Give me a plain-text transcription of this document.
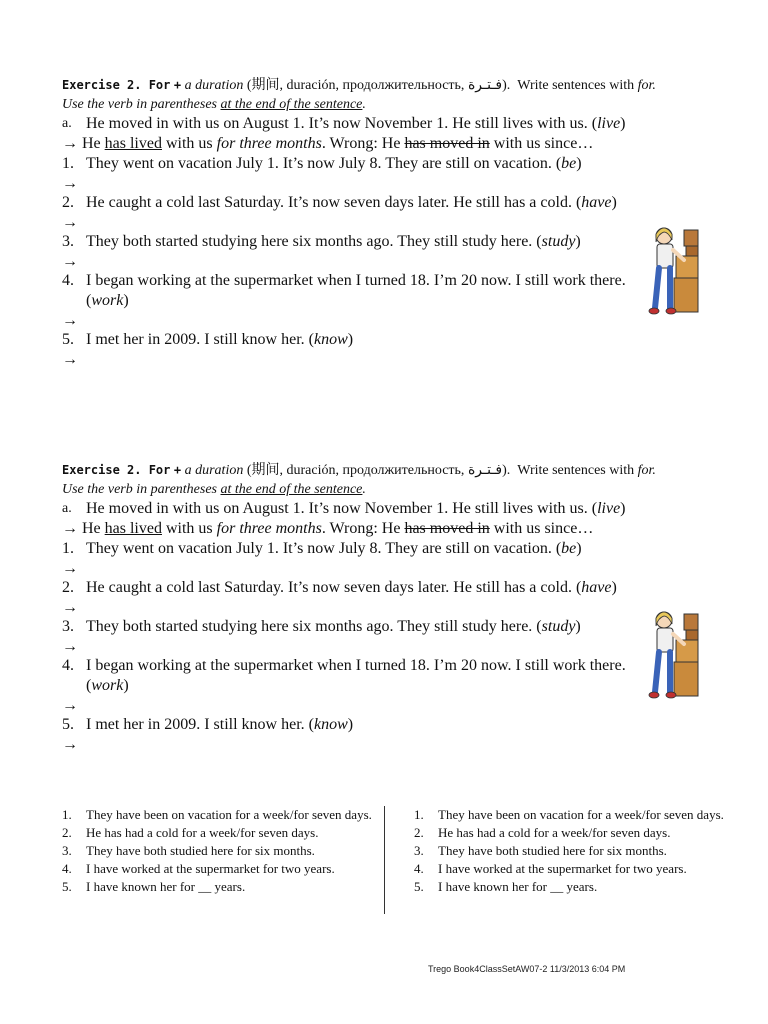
Exercise 2. For + a duration (期间, duración, продолжительность, فـتـرة). Write sentences with for.
Use the verb in parentheses at the end of the sentence.
a. He moved in with us on August 1. It’s now November 1. He still lives with us. (live)
→ He has lived with us for three months. Wrong: He has moved in with us since…
1. They went on vacation July 1. It’s now July 8. They are still on vacation. (be)
→
2. He caught a cold last Saturday. It’s now seven days later. He still has a cold. (have)
→
3. They both started studying here six months ago. They still study here. (study)
→
4. I began working at the supermarket when I turned 18. I’m 20 now. I still work there. (work)
→
5. I met her in 2009. I still know her. (know)
→
Exercise 2. For + a duration (期间, duración, продолжительность, فـتـرة). Write sentences with for.
Use the verb in parentheses at the end of the sentence.
a. He moved in with us on August 1. It’s now November 1. He still lives with us. (live)
→ He has lived with us for three months. Wrong: He has moved in with us since…
1. They went on vacation July 1. It’s now July 8. They are still on vacation. (be)
→
2. He caught a cold last Saturday. It’s now seven days later. He still has a cold. (have)
→
3. They both started studying here six months ago. They still study here. (study)
→
4. I began working at the supermarket when I turned 18. I’m 20 now. I still work there. (work)
→
5. I met her in 2009. I still know her. (know)
→
1. They have been on vacation for a week/for seven days.
2. He has had a cold for a week/for seven days.
3. They have both studied here for six months.
4. I have worked at the supermarket for two years.
5. I have known her for __ years.
1. They have been on vacation for a week/for seven days.
2. He has had a cold for a week/for seven days.
3. They have both studied here for six months.
4. I have worked at the supermarket for two years.
5. I have known her for __ years.
Trego Book4ClassSetAW07-2 11/3/2013 6:04 PM
